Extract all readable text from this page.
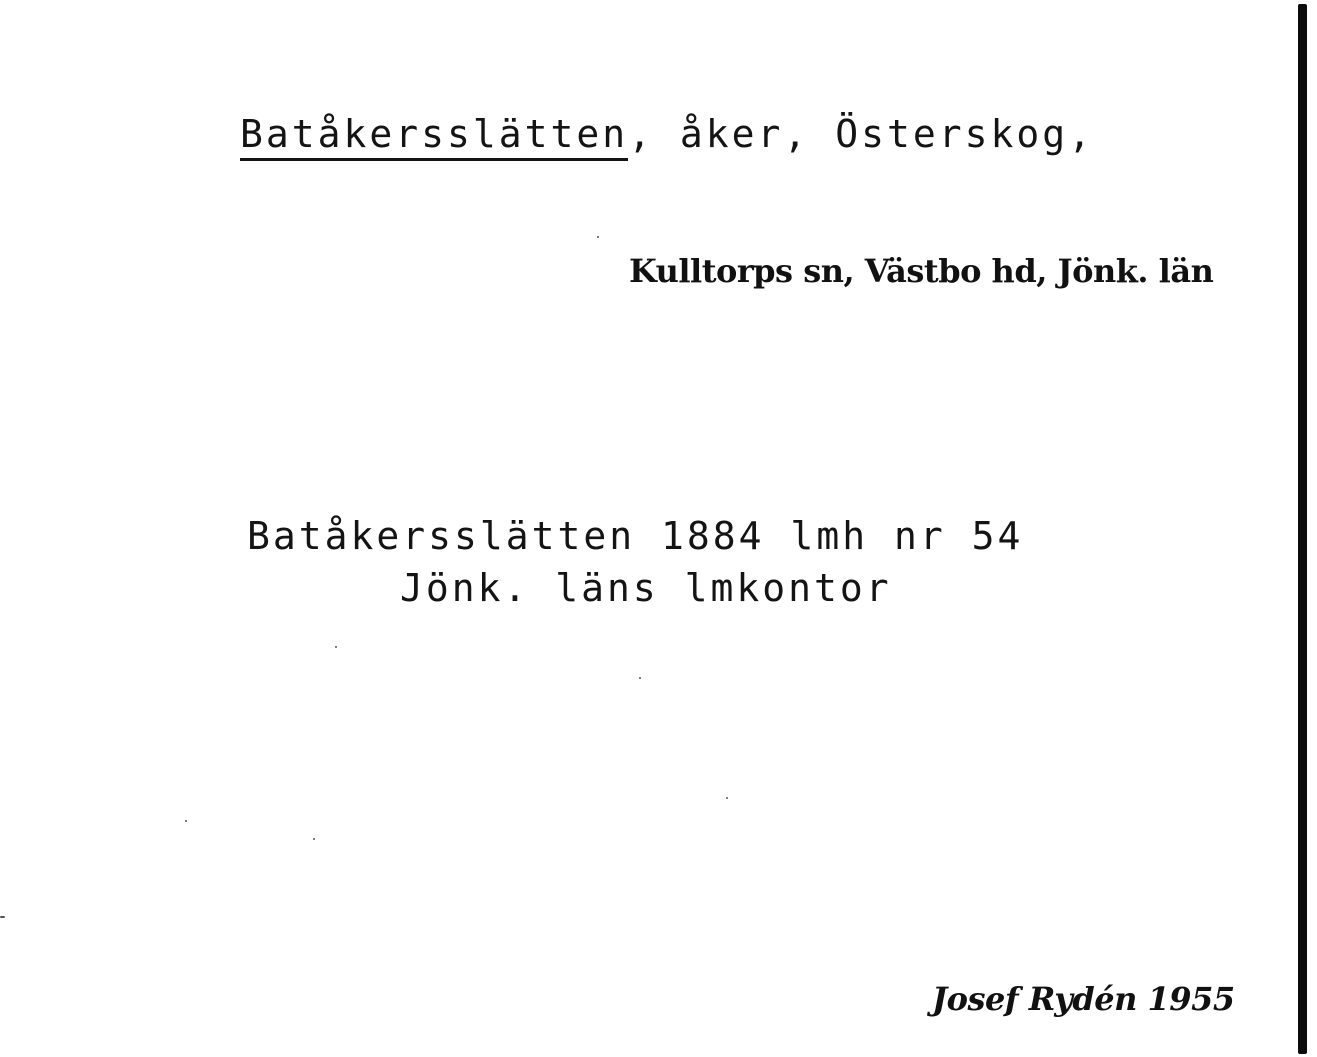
Batåkersslätten, åker, Österskog,
Kulltorps sn, Västbo hd, Jönk. län
Batåkersslätten 1884 lmh nr 54
Jönk. läns lmkontor
Josef Rydén 1955
